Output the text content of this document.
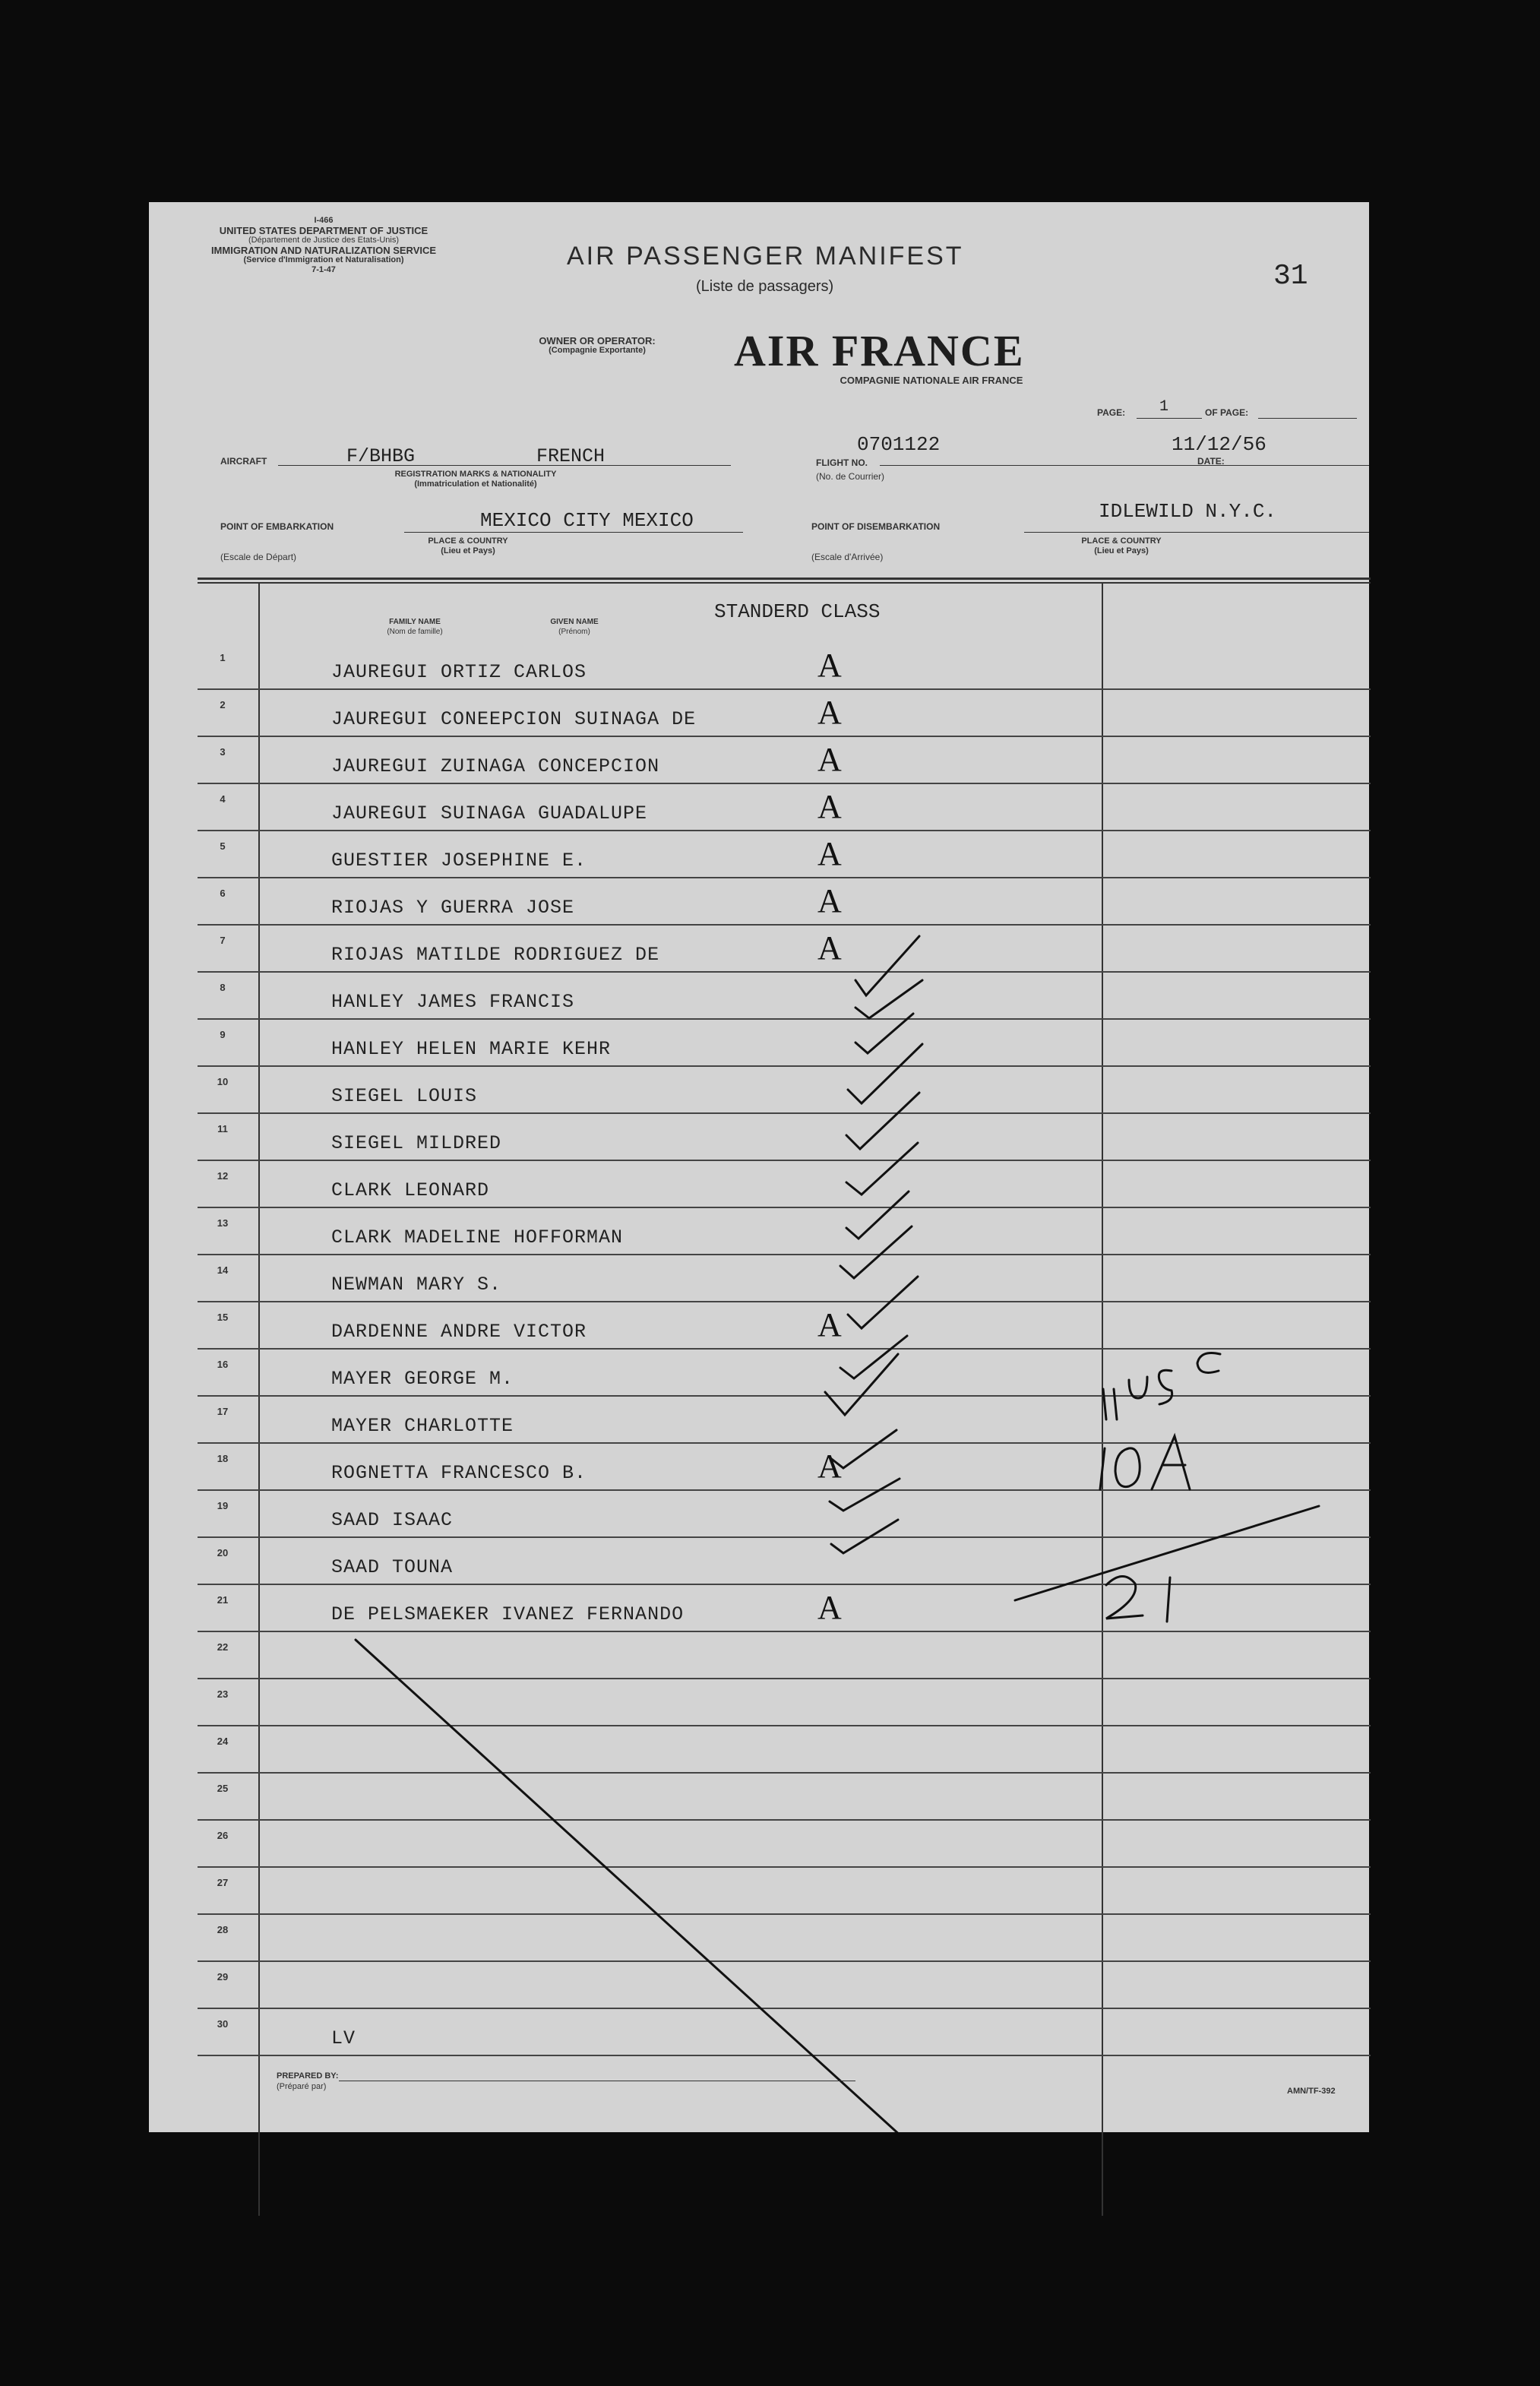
I-466
UNITED STATES DEPARTMENT OF JUSTICE
(Département de Justice des Etats-Unis)
IMMIGRATION AND NATURALIZATION SERVICE
(Service d'Immigration et Naturalisation)
7-1-47	AIR PASSENGER MANIFEST
(Liste de passagers)	31
OWNER OR OPERATOR:
(Compagnie Exportante)	AIR FRANCE
COMPAGNIE NATIONALE AIR FRANCE
PAGE: 1	OF PAGE:
AIRCRAFT	F/BHBG	FRENCH
REGISTRATION MARKS & NATIONALITY
(Immatriculation et Nationalité)
FLIGHT NO.
(No. de Courrier)
0701122	11/12/56
DATE:
POINT OF EMBARKATION	MEXICO CITY MEXICO
(Escale de Départ)
PLACE & COUNTRY
(Lieu et Pays)
POINT OF DISEMBARKATION
IDLEWILD N.Y.C.
(Escale d'Arrivée)
PLACE & COUNTRY
(Lieu et Pays)
FAMILY NAME
(Nom de famille)
GIVEN NAME
(Prénom)
STANDERD CLASS
1
JAUREGUI ORTIZ CARLOS	A
2
JAUREGUI CONEEPCION SUINAGA DE	A
3
JAUREGUI ZUINAGA CONCEPCION	A
4
JAUREGUI SUINAGA GUADALUPE	A
5
GUESTIER JOSEPHINE E.	A
6
RIOJAS Y GUERRA JOSE	A
7
RIOJAS MATILDE RODRIGUEZ DE	A
8
HANLEY JAMES FRANCIS
9
HANLEY HELEN MARIE KEHR
10
SIEGEL LOUIS
11
SIEGEL MILDRED
12
CLARK LEONARD
13
CLARK MADELINE HOFFORMAN
14
NEWMAN MARY S.
15
DARDENNE ANDRE VICTOR	A
16
MAYER GEORGE M.
17
MAYER CHARLOTTE
18
ROGNETTA FRANCESCO B.	A
19
SAAD ISAAC
20
SAAD TOUNA
21
DE PELSMAEKER IVANEZ FERNANDO	A
22
23
24
25
26
27
28
29
30
LV
PREPARED BY:
(Préparé par)	AMN/TF-392
